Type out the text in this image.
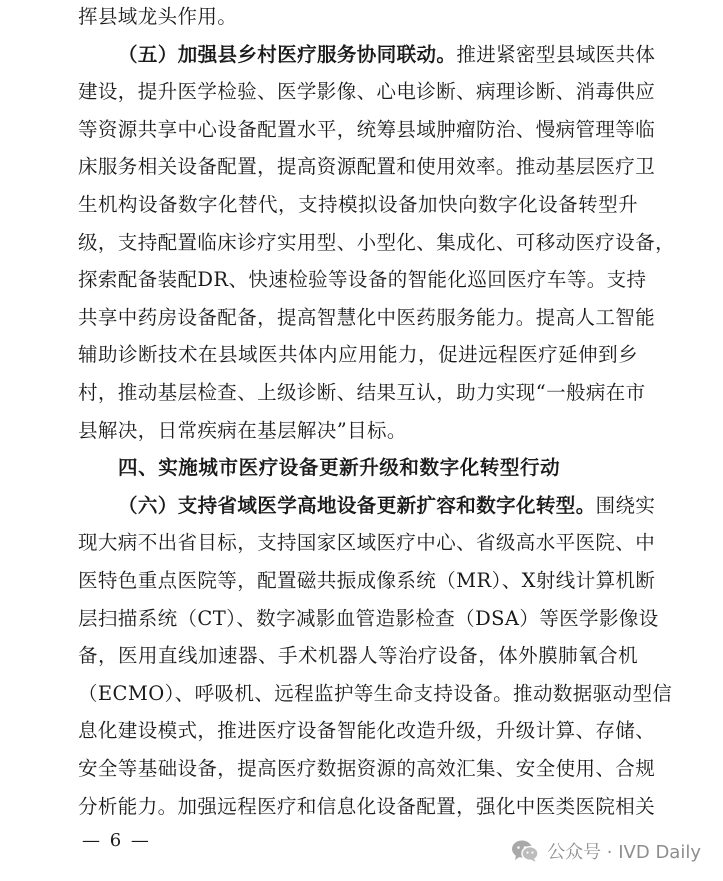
挥县域龙头作用。
（五）加强县乡村医疗服务协同联动。推进紧密型县域医共体
建设，提升医学检验、医学影像、心电诊断、病理诊断、消毒供应
等资源共享中心设备配置水平，统筹县域肿瘤防治、慢病管理等临
床服务相关设备配置，提高资源配置和使用效率。推动基层医疗卫
生机构设备数字化替代，支持模拟设备加快向数字化设备转型升
级，支持配置临床诊疗实用型、小型化、集成化、可移动医疗设备，
探索配备装配DR、快速检验等设备的智能化巡回医疗车等。支持
共享中药房设备配备，提高智慧化中医药服务能力。提高人工智能
辅助诊断技术在县域医共体内应用能力，促进远程医疗延伸到乡
村，推动基层检查、上级诊断、结果互认，助力实现“一般病在市
县解决，日常疾病在基层解决”目标。
四、实施城市医疗设备更新升级和数字化转型行动
（六）支持省域医学高地设备更新扩容和数字化转型。围绕实
现大病不出省目标，支持国家区域医疗中心、省级高水平医院、中
医特色重点医院等，配置磁共振成像系统（MR）、X射线计算机断
层扫描系统（CT）、数字减影血管造影检查（DSA）等医学影像设
备，医用直线加速器、手术机器人等治疗设备，体外膜肺氧合机
（ECMO）、呼吸机、远程监护等生命支持设备。推动数据驱动型信
息化建设模式，推进医疗设备智能化改造升级，升级计算、存储、
安全等基础设备，提高医疗数据资源的高效汇集、安全使用、合规
分析能力。加强远程医疗和信息化设备配置，强化中医类医院相关
— 6 —
公众号 · IVD Daily
